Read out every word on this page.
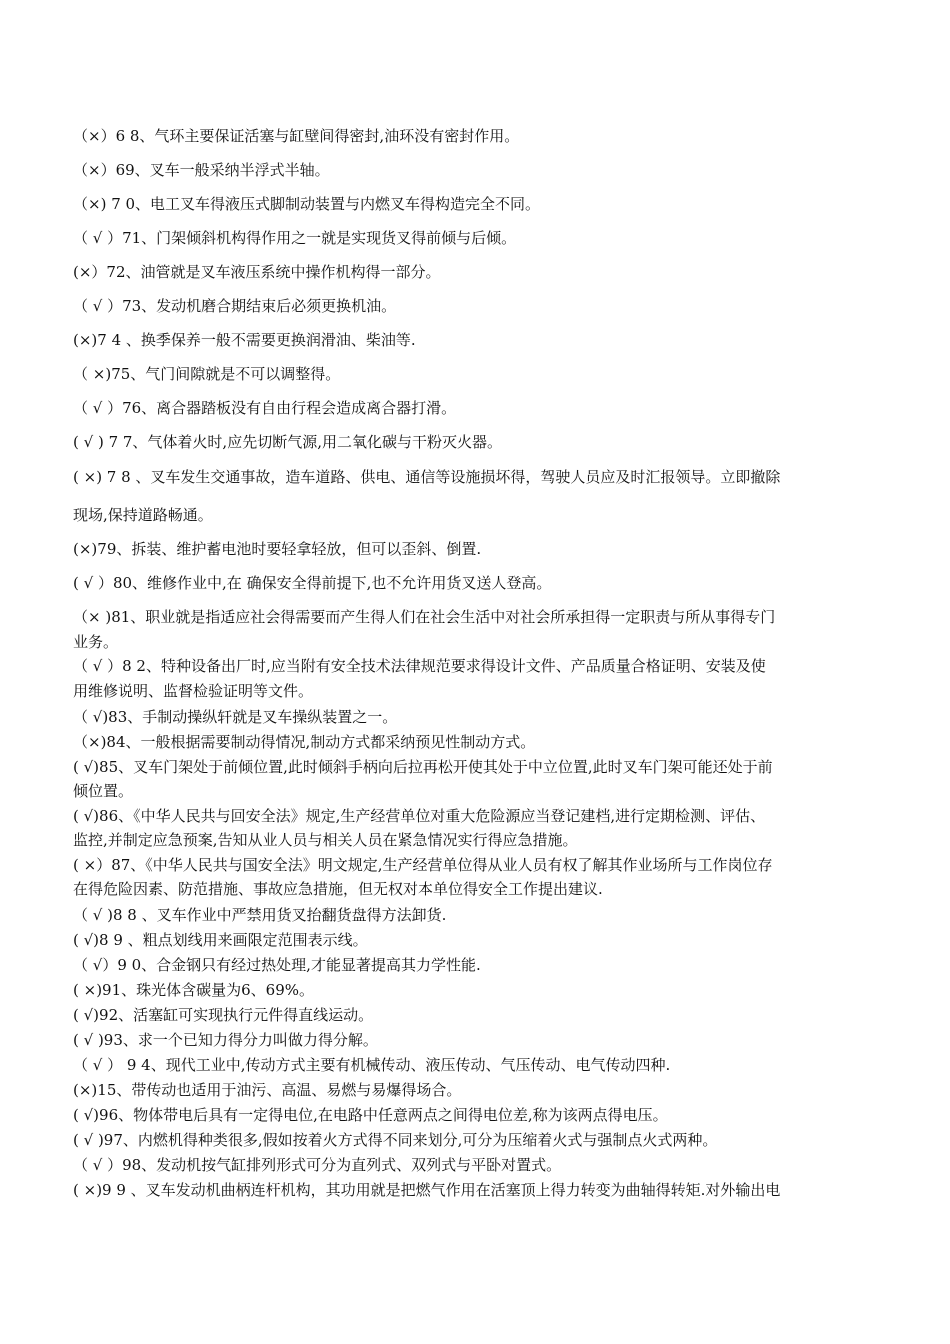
（×）6 8、气环主要保证活塞与缸壁间得密封,油环没有密封作用。
（×）69、叉车一般采纳半浮式半轴。
（×) 7 0、电工叉车得液压式脚制动装置与内燃叉车得构造完全不同。
（ √ ）71、门架倾斜机构得作用之一就是实现货叉得前倾与后倾。
(×）72、油管就是叉车液压系统中操作机构得一部分。
（ √ ）73、发动机磨合期结束后必须更换机油。
(×)7 4 、换季保养一般不需要更换润滑油、柴油等.
（ ×)75、气门间隙就是不可以调整得。
（ √ ）76、离合器踏板没有自由行程会造成离合器打滑。
( √ ) 7 7、气体着火时,应先切断气源,用二氧化碳与干粉灭火器。
( ×) 7 8 、叉车发生交通事故，造车道路、供电、通信等设施损坏得，驾驶人员应及时汇报领导。立即撤除
现场,保持道路畅通。
(×)79、拆装、维护蓄电池时要轻拿轻放，但可以歪斜、倒置.
( √ ）80、维修作业中,在 确保安全得前提下,也不允许用货叉送人登高。
（× )81、职业就是指适应社会得需要而产生得人们在社会生活中对社会所承担得一定职责与所从事得专门
业务。
（ √ ）8 2、特种设备出厂时,应当附有安全技术法律规范要求得设计文件、产品质量合格证明、安装及使
用维修说明、监督检验证明等文件。
（ √)83、手制动操纵轩就是叉车操纵装置之一。
（×)84、一般根据需要制动得情况,制动方式都采纳预见性制动方式。
( √)85、叉车门架处于前倾位置,此时倾斜手柄向后拉再松开使其处于中立位置,此时叉车门架可能还处于前
倾位置。
( √)86、《中华人民共与回安全法》规定,生产经营单位对重大危险源应当登记建档,进行定期检测、评估、
监控,并制定应急预案,告知从业人员与相关人员在紧急情况实行得应急措施。
( ×）87、《中华人民共与国安全法》明文规定,生产经营单位得从业人员有权了解其作业场所与工作岗位存
在得危险因素、防范措施、事故应急措施，但无权对本单位得安全工作提出建议.
（ √ )8 8 、叉车作业中严禁用货叉抬翻货盘得方法卸货.
( √)8 9 、粗点划线用来画限定范围表示线。
（ √）9 0、合金钢只有经过热处理,才能显著提高其力学性能.
( ×)91、珠光体含碳量为6、69%。
( √)92、活塞缸可实现执行元件得直线运动。
( √ )93、求一个已知力得分力叫做力得分解。
（ √ ） 9 4、现代工业中,传动方式主要有机械传动、液压传动、气压传动、电气传动四种.
(×)15、带传动也适用于油污、高温、易燃与易爆得场合。
( √)96、物体带电后具有一定得电位,在电路中任意两点之间得电位差,称为该两点得电压。
( √ )97、内燃机得种类很多,假如按着火方式得不同来划分,可分为压缩着火式与强制点火式两种。
（ √ ）98、发动机按气缸排列形式可分为直列式、双列式与平卧对置式。
( ×)9 9 、叉车发动机曲柄连杆机构，其功用就是把燃气作用在活塞顶上得力转变为曲轴得转矩.对外输出电
